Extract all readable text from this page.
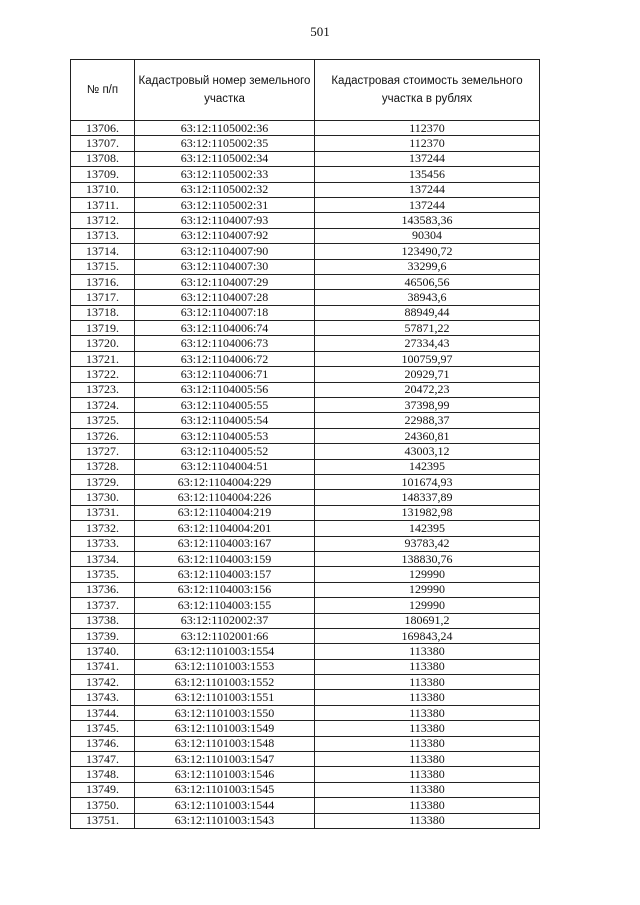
501
№ п/п	Кадастровый номер земельного участка	Кадастровая стоимость земельного участка в рублях
13706.	63:12:1105002:36	112370
13707.	63:12:1105002:35	112370
13708.	63:12:1105002:34	137244
13709.	63:12:1105002:33	135456
13710.	63:12:1105002:32	137244
13711.	63:12:1105002:31	137244
13712.	63:12:1104007:93	143583,36
13713.	63:12:1104007:92	90304
13714.	63:12:1104007:90	123490,72
13715.	63:12:1104007:30	33299,6
13716.	63:12:1104007:29	46506,56
13717.	63:12:1104007:28	38943,6
13718.	63:12:1104007:18	88949,44
13719.	63:12:1104006:74	57871,22
13720.	63:12:1104006:73	27334,43
13721.	63:12:1104006:72	100759,97
13722.	63:12:1104006:71	20929,71
13723.	63:12:1104005:56	20472,23
13724.	63:12:1104005:55	37398,99
13725.	63:12:1104005:54	22988,37
13726.	63:12:1104005:53	24360,81
13727.	63:12:1104005:52	43003,12
13728.	63:12:1104004:51	142395
13729.	63:12:1104004:229	101674,93
13730.	63:12:1104004:226	148337,89
13731.	63:12:1104004:219	131982,98
13732.	63:12:1104004:201	142395
13733.	63:12:1104003:167	93783,42
13734.	63:12:1104003:159	138830,76
13735.	63:12:1104003:157	129990
13736.	63:12:1104003:156	129990
13737.	63:12:1104003:155	129990
13738.	63:12:1102002:37	180691,2
13739.	63:12:1102001:66	169843,24
13740.	63:12:1101003:1554	113380
13741.	63:12:1101003:1553	113380
13742.	63:12:1101003:1552	113380
13743.	63:12:1101003:1551	113380
13744.	63:12:1101003:1550	113380
13745.	63:12:1101003:1549	113380
13746.	63:12:1101003:1548	113380
13747.	63:12:1101003:1547	113380
13748.	63:12:1101003:1546	113380
13749.	63:12:1101003:1545	113380
13750.	63:12:1101003:1544	113380
13751.	63:12:1101003:1543	113380
